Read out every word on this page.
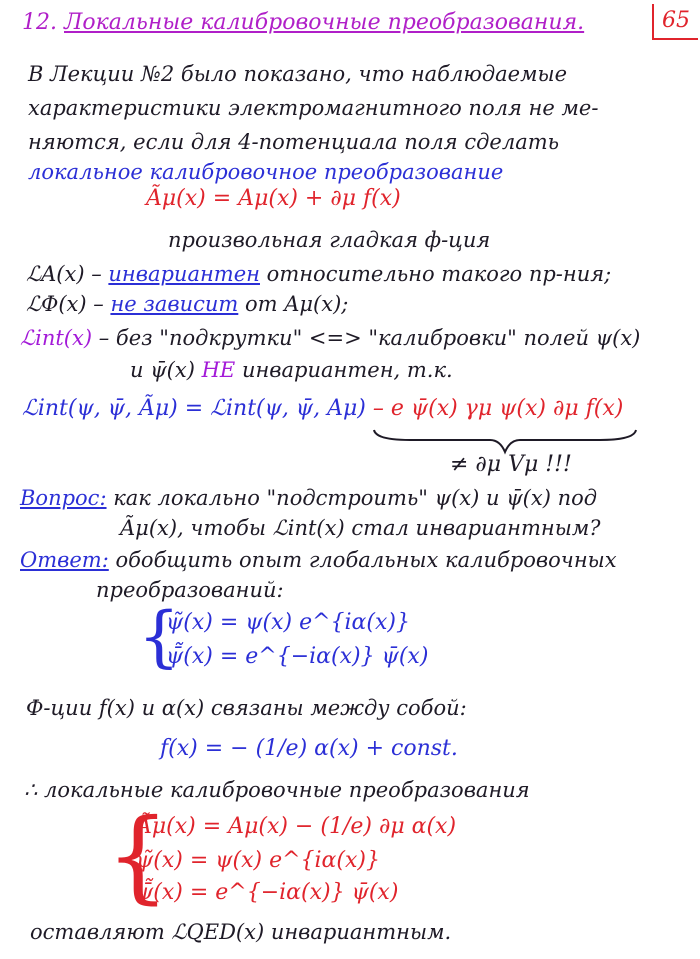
12. Локальные калибровочные преобразования.	65
В Лекции №2 было показано, что наблюдаемые
характеристики электромагнитного поля не ме-
няются, если для 4-потенциала поля сделать
локальное калибровочное преобразование
Ãμ(x) = Aμ(x) + ∂μ f(x)
произвольная гладкая ф-ция
ℒA(x) – инвариантен относительно такого пр-ния;
ℒΦ(x) – не зависит от Aμ(x);
ℒint(x) – без "подкрутки" <=> "калибровки" полей ψ(x)
и ψ̄(x) НЕ инвариантен, т.к.
ℒint(ψ, ψ̄, Ãμ) = ℒint(ψ, ψ̄, Aμ) – e ψ̄(x) γμ ψ(x) ∂μ f(x)
≠ ∂μ Vμ !!!
Вопрос: как локально "подстроить" ψ(x) и ψ̄(x) под
Ãμ(x), чтобы ℒint(x) стал инвариантным?
Ответ: обобщить опыт глобальных калибровочных
преобразований:
{
ψ̃(x) = ψ(x) e^{iα(x)}
ψ̄̃(x) = e^{−iα(x)} ψ̄(x)
Ф-ции f(x) и α(x) связаны между собой:
f(x) = − (1/e) α(x) + const.
∴ локальные калибровочные преобразования
{
Ãμ(x) = Aμ(x) − (1/e) ∂μ α(x)
ψ̃(x) = ψ(x) e^{iα(x)}
ψ̄̃(x) = e^{−iα(x)} ψ̄(x)
оставляют ℒQED(x) инвариантным.
